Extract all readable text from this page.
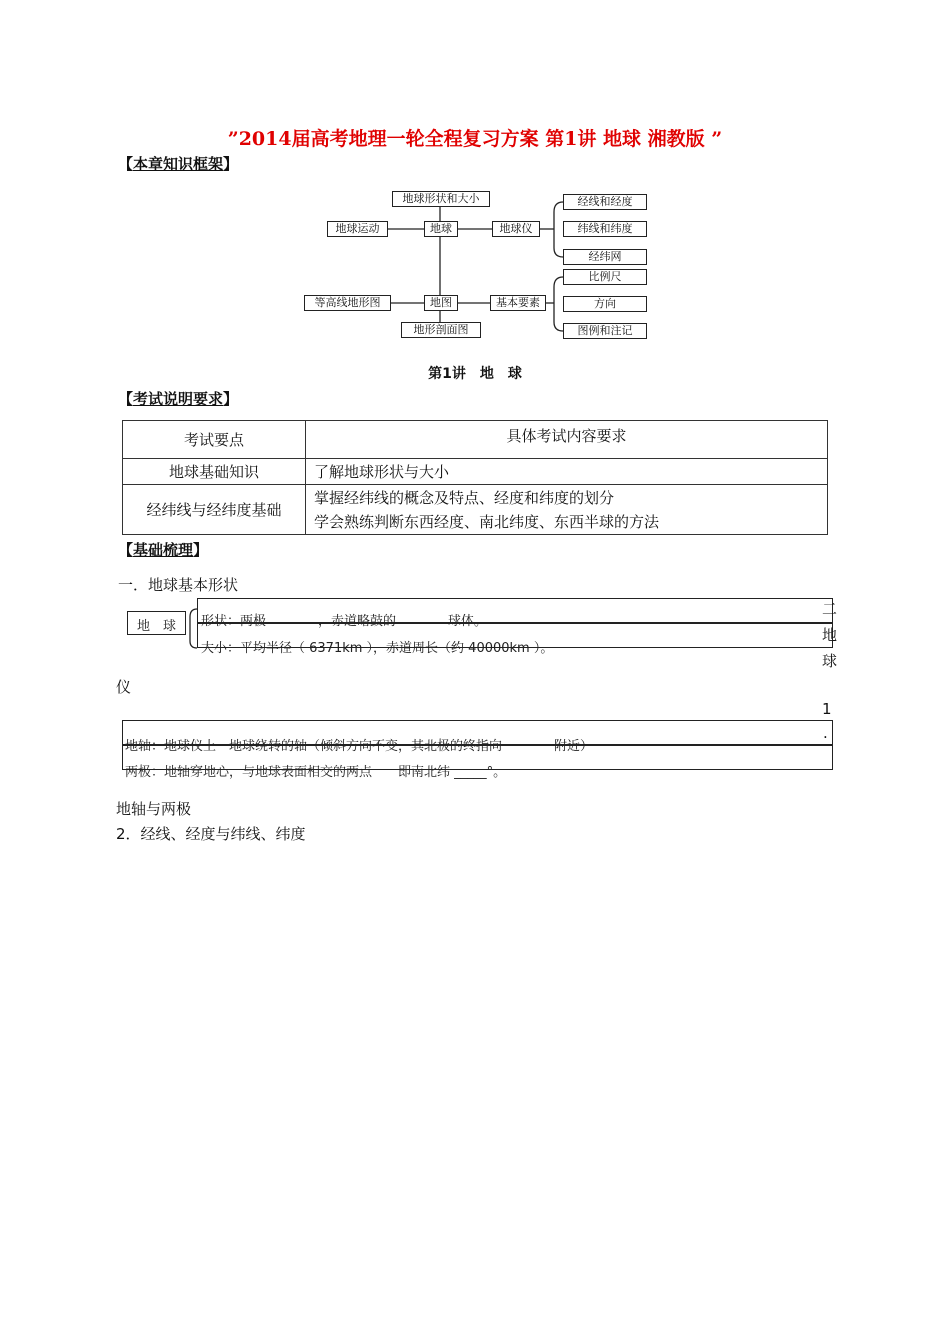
”2014届高考地理一轮全程复习方案 第1讲 地球 湘教版 ”
【本章知识框架】
地球形状和大小
地球运动	地球	地球仪
经线和经度
纬线和纬度
经纬网
比例尺
方向
图例和注记
等高线地形图	地图	基本要素
地形剖面图
第1讲　地　球
【考试说明要求】
考试要点	具体考试内容要求
地球基础知识	了解地球形状与大小
经纬线与经纬度基础	掌握经纬线的概念及特点、经度和纬度的划分
学会熟练判断东西经度、南北纬度、东西半球的方法
【基础梳理】
一．地球基本形状
地　球 形状：两极　　　　，赤道略鼓的　　　　球体。
大小：平均半径（ 6371km ），赤道周长（约 40000km ）。
二
地
球
仪
1
.
地轴：地球仪上　地球绕转的轴（倾斜方向不变，其北极的终指向　　　　附近）
两极：地轴穿地心，与地球表面相交的两点　　即南北纬 _____°。
地轴与两极
2．经线、经度与纬线、纬度
